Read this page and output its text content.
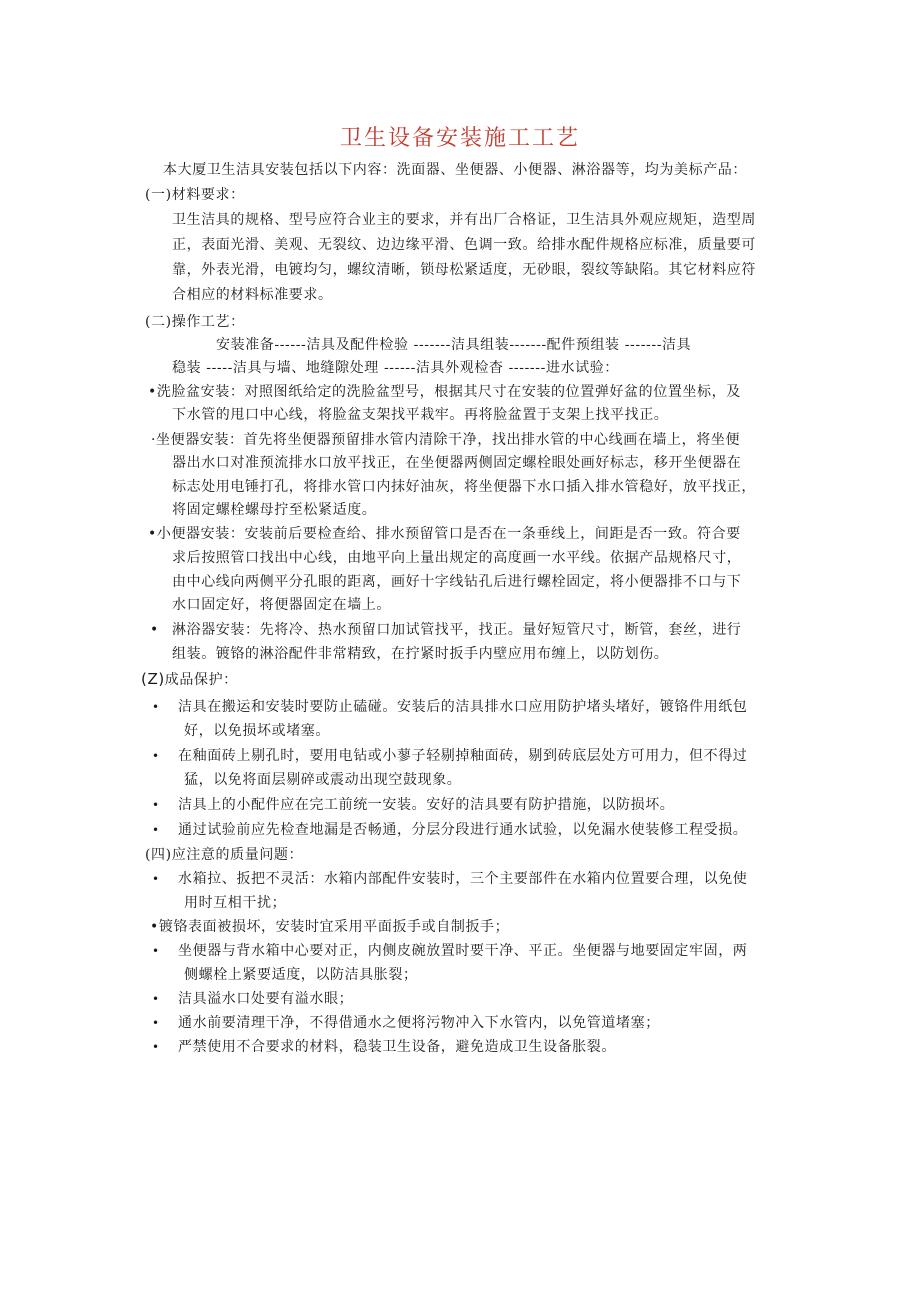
卫生设备安装施工工艺
本大厦卫生洁具安装包括以下内容：洗面器、坐便器、小便器、淋浴器等，均为美标产品：
(一)材料要求：
卫生洁具的规格、型号应符合业主的要求，并有出厂合格证，卫生洁具外观应规矩，造型周
正，表面光滑、美观、无裂纹、边边缘平滑、色调一致。给排水配件规格应标准，质量要可
靠，外表光滑，电镀均匀，螺纹清晰，锁母松紧适度，无砂眼，裂纹等缺陷。其它材料应符
合相应的材料标准要求。
(二)操作工艺：
安装准备------洁具及配件检验 -------洁具组装-------配件预组装 -------洁具
稳装 -----洁具与墙、地缝隙处理 ------洁具外观检杳 -------进水试验：
•洗脸盆安装：对照图纸给定的洗脸盆型号，根据其尺寸在安装的位置弹好盆的位置坐标，及
下水管的甩口中心线，将脸盆支架找平栽牢。再将脸盆置于支架上找平找正。
·坐便器安装：首先将坐便器预留排水管内清除干净，找出排水管的中心线画在墙上，将坐便
器出水口对准预流排水口放平找正，在坐便器两侧固定螺栓眼处画好标志，移开坐便器在
标志处用电锤打孔，将排水管口内抹好油灰，将坐便器下水口插入排水管稳好，放平找正，
将固定螺栓螺母拧至松紧适度。
•小便器安装：安装前后要检查给、排水预留管口是否在一条垂线上，间距是否一致。符合要
求后按照管口找出中心线，由地平向上量出规定的高度画一水平线。依据产品规格尺寸，
由中心线向两侧平分孔眼的距离，画好十字线钻孔后进行螺栓固定，将小便器排不口与下
水口固定好，将便器固定在墙上。
• 淋浴器安装：先将冷、热水预留口加试管找平，找正。量好短管尺寸，断管，套丝，进行
组装。镀铬的淋浴配件非常精致，在拧紧时扳手内壁应用布缠上，以防划伤。
(Z)成品保护：
• 洁具在搬运和安装时要防止磕碰。安装后的洁具排水口应用防护堵头堵好，镀铬件用纸包
好，以免损坏或堵塞。
• 在釉面砖上剔孔时，要用电钻或小蓼子轻剔掉釉面砖，剔到砖底层处方可用力，但不得过
猛，以免将面层剔碎或震动出现空鼓现象。
• 洁具上的小配件应在完工前统一安装。安好的洁具要有防护措施，以防损坏。
• 通过试验前应先检查地漏是否畅通，分层分段进行通水试验，以免漏水使装修工程受损。
(四)应注意的质量问题：
• 水箱拉、扳把不灵活：水箱内部配件安装时，三个主要部件在水箱内位置要合理，以免使
用时互相干扰；
•镀铬表面被损坏，安装时宜采用平面扳手或自制扳手；
• 坐便器与背水箱中心要对正，内侧皮碗放置时要干净、平正。坐便器与地要固定牢固，两
侧螺栓上紧要适度，以防洁具胀裂；
• 洁具溢水口处要有溢水眼；
• 通水前要清理干净，不得借通水之便将污物冲入下水管内，以免管道堵塞；
• 严禁使用不合要求的材料，稳装卫生设备，避免造成卫生设备胀裂。
